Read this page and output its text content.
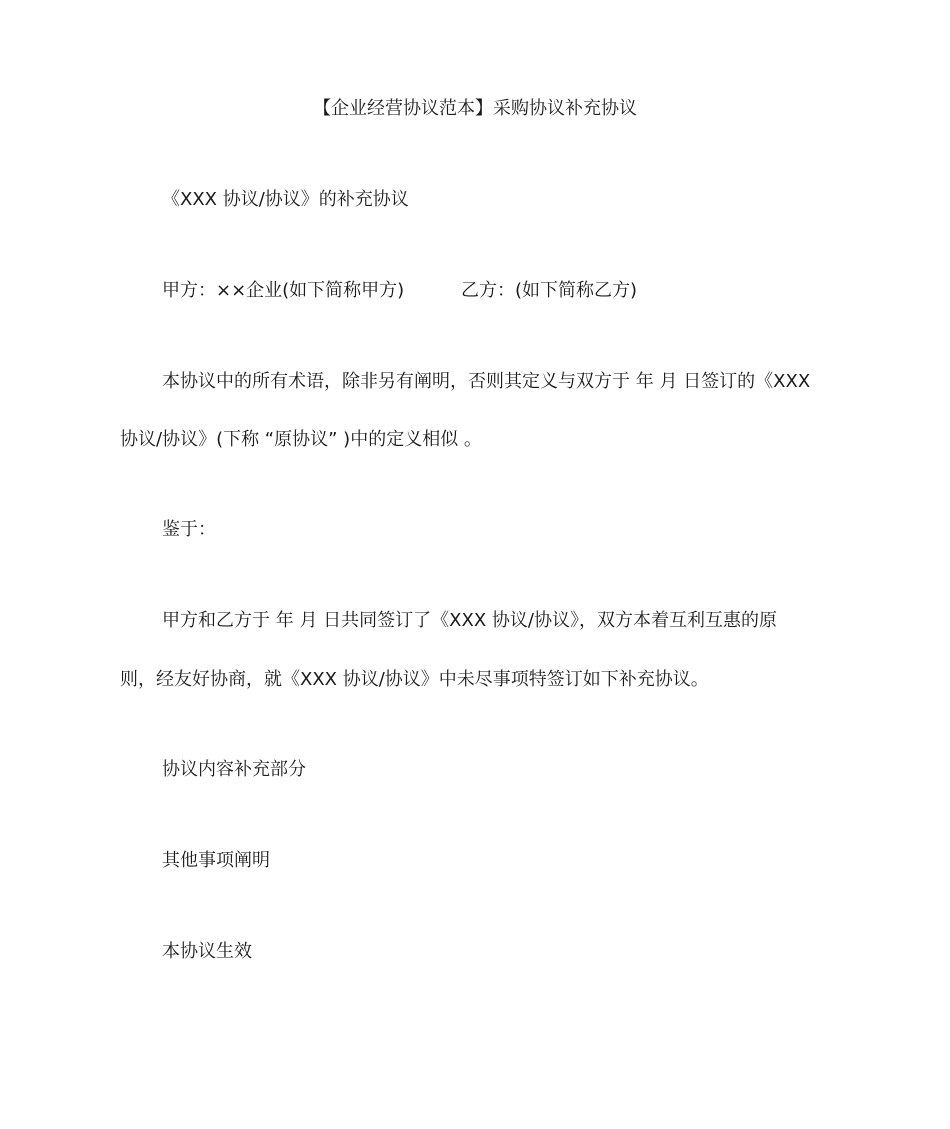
【企业经营协议范本】采购协议补充协议
《XXX 协议/协议》的补充协议
甲方：××企业(如下简称甲方)	乙方：(如下简称乙方)
本协议中的所有术语，除非另有阐明，否则其定义与双方于 年 月 日签订的《XXX
协议/协议》(下称 “原协议” )中的定义相似 。
鉴于：
甲方和乙方于 年 月 日共同签订了《XXX 协议/协议》，双方本着互利互惠的原
则，经友好协商，就《XXX 协议/协议》中未尽事项特签订如下补充协议。
协议内容补充部分
其他事项阐明
本协议生效
